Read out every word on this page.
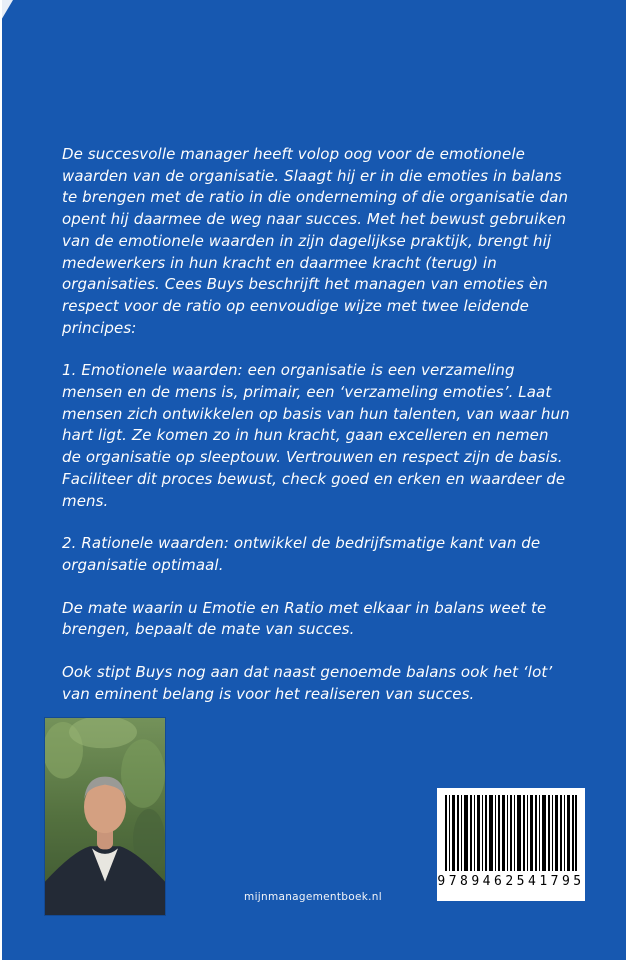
De succesvolle manager heeft volop oog voor de emotionele waarden van de organisatie. Slaagt hij er in die emoties in balans te brengen met de ratio in die onderneming of die organisatie dan opent hij daarmee de weg naar succes. Met het bewust gebruiken van de emotionele waarden in zijn dagelijkse praktijk, brengt hij medewerkers in hun kracht en daarmee kracht (terug) in organisaties. Cees Buys beschrijft het managen van emoties èn respect voor de ratio op eenvoudige wijze met twee leidende principes:

1. Emotionele waarden: een organisatie is een verzameling mensen en de mens is, primair, een ‘verzameling emoties’. Laat mensen zich ontwikkelen op basis van hun talenten, van waar hun hart ligt. Ze komen zo in hun kracht, gaan excelleren en nemen de organisatie op sleeptouw. Vertrouwen en respect zijn de basis. Faciliteer dit proces bewust, check goed en erken en waardeer de mens.

2. Rationele waarden: ontwikkel de bedrijfsmatige kant van de organisatie optimaal.

De mate waarin u Emotie en Ratio met elkaar in balans weet te brengen, bepaalt de mate van succes.

Ook stipt Buys nog aan dat naast genoemde balans ook het ‘lot’ van eminent belang is voor het realiseren van succes.

mijnmanagementboek.nl
9789462541795
